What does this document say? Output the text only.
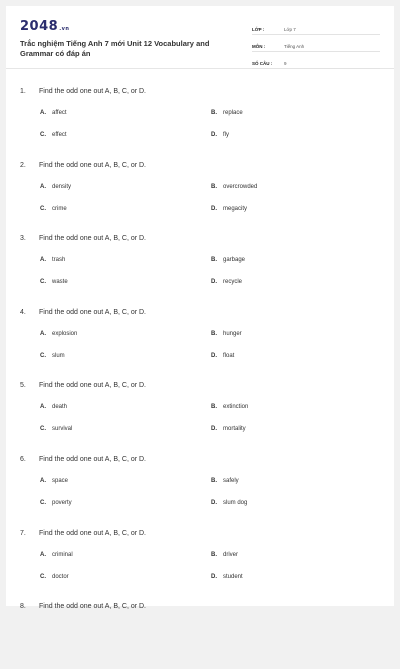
2048.vn
Trắc nghiệm Tiếng Anh 7 mới Unit 12 Vocabulary and Grammar có đáp án
LỚP :	Lớp 7
MÔN :	Tiếng Anh
SỐ CÂU :	9
1. Find the odd one out A, B, C, or D.
A. affect	B. replace
C. effect	D. fly
2. Find the odd one out A, B, C, or D.
A. density	B. overcrowded
C. crime	D. megacity
3. Find the odd one out A, B, C, or D.
A. trash	B. garbage
C. waste	D. recycle
4. Find the odd one out A, B, C, or D.
A. explosion	B. hunger
C. slum	D. float
5. Find the odd one out A, B, C, or D.
A. death	B. extinction
C. survival	D. mortality
6. Find the odd one out A, B, C, or D.
A. space	B. safely
C. poverty	D. slum dog
7. Find the odd one out A, B, C, or D.
A. criminal	B. driver
C. doctor	D. student
8. Find the odd one out A, B, C, or D.
